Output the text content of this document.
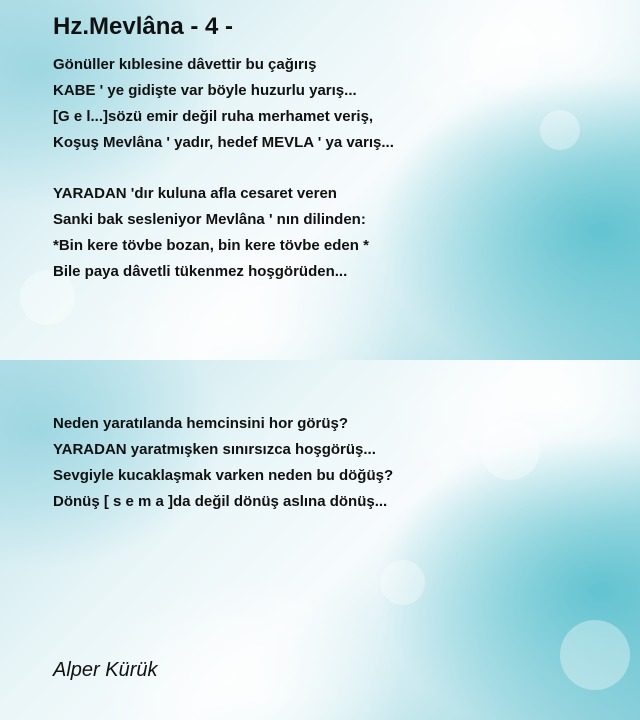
Hz.Mevlâna - 4 -

Gönüller kıblesine dâvettir bu çağırış
KABE ' ye gidişte var böyle huzurlu yarış...
[G e l...]sözü emir değil ruha merhamet veriş,
Koşuş Mevlâna ' yadır, hedef MEVLA ' ya varış...

YARADAN 'dır kuluna afla cesaret veren
Sanki bak sesleniyor Mevlâna ' nın dilinden:
*Bin kere tövbe bozan, bin kere tövbe eden *
Bile paya dâvetli tükenmez hoşgörüden...

Neden yaratılanda hemcinsini hor görüş?
YARADAN yaratmışken sınırsızca hoşgörüş...
Sevgiyle kucaklaşmak varken neden bu döğüş?
Dönüş [ s e m a ]da değil dönüş aslına dönüş...

Alper Kürük
